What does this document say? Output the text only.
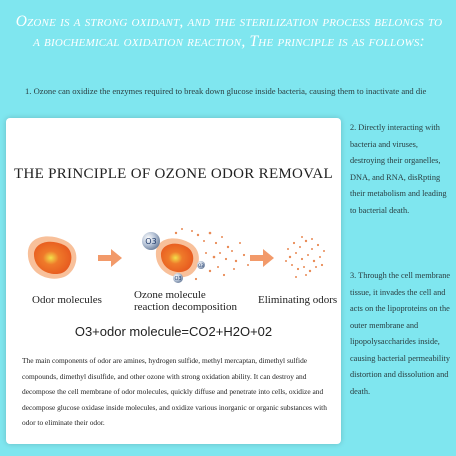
Ozone is a strong oxidant, and the sterilization process belongs to a biochemical oxidation reaction, The principle is as follows:
1. Ozone can oxidize the enzymes required to break down glucose inside bacteria, causing them to inactivate and die
THE PRINCIPLE OF OZONE ODOR REMOVAL
O3
O3
O3
Odor molecules	Ozone molecule
reaction decomposition
Eliminating odors
O3+odor molecule=CO2+H2O+02
The main components of odor are amines, hydrogen sulfide, methyl mercaptan, dimethyl sulfide compounds, dimethyl disulfide, and other ozone with strong oxidation ability. It can destroy and decompose the cell membrane of odor molecules, quickly diffuse and penetrate into cells, oxidize and decompose glucose oxidase inside molecules, and oxidize various inorganic or organic substances with odor to eliminate their odor.
2. Directly interacting with bacteria and viruses, destroying their organelles, DNA, and RNA, disRpting their metabolism and leading to bacterial death.
3. Through the cell membrane tissue, it invades the cell and acts on the lipoproteins on the outer membrane and lipopolysaccharides inside, causing bacterial permeability distortion and dissolution and death.
